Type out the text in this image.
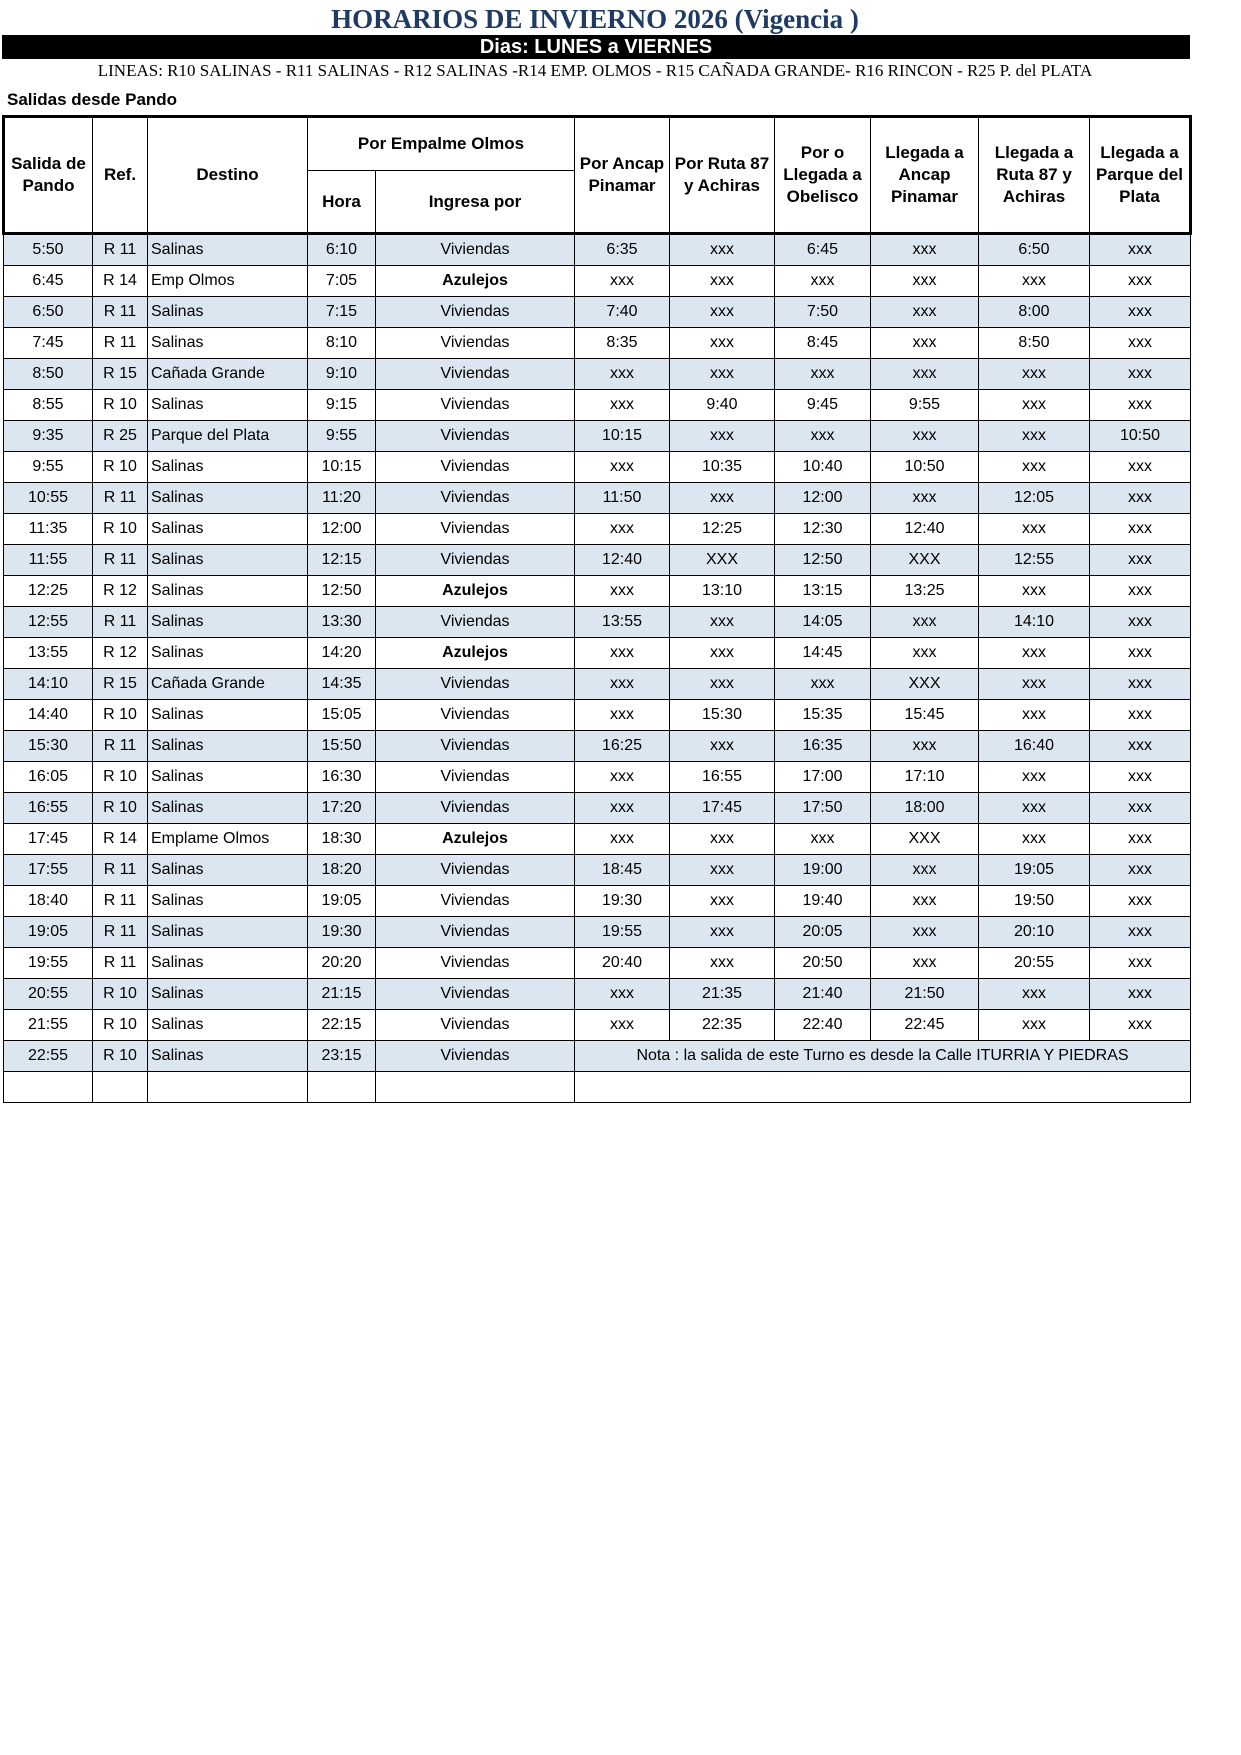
HORARIOS DE INVIERNO 2026 (Vigencia )
Dias: LUNES a VIERNES
LINEAS: R10 SALINAS - R11 SALINAS - R12 SALINAS -R14 EMP. OLMOS - R15 CAÑADA GRANDE- R16 RINCON - R25 P. del PLATA
Salidas desde Pando
Salida de Pando	Ref.	Destino	Por Empalme Olmos		Por Ancap Pinamar	Por Ruta 87 y Achiras	Por o Llegada a Obelisco	Llegada a Ancap Pinamar	Llegada a Ruta 87 y Achiras	Llegada a Parque del Plata
			Hora	Ingresa por						
5:50	R 11	Salinas	6:10	Viviendas	6:35	xxx	6:45	xxx	6:50	xxx
6:45	R 14	Emp Olmos	7:05	Azulejos	xxx	xxx	xxx	xxx	xxx	xxx
6:50	R 11	Salinas	7:15	Viviendas	7:40	xxx	7:50	xxx	8:00	xxx
7:45	R 11	Salinas	8:10	Viviendas	8:35	xxx	8:45	xxx	8:50	xxx
8:50	R 15	Cañada Grande	9:10	Viviendas	xxx	xxx	xxx	xxx	xxx	xxx
8:55	R 10	Salinas	9:15	Viviendas	xxx	9:40	9:45	9:55	xxx	xxx
9:35	R 25	Parque del Plata	9:55	Viviendas	10:15	xxx	xxx	xxx	xxx	10:50
9:55	R 10	Salinas	10:15	Viviendas	xxx	10:35	10:40	10:50	xxx	xxx
10:55	R 11	Salinas	11:20	Viviendas	11:50	xxx	12:00	xxx	12:05	xxx
11:35	R 10	Salinas	12:00	Viviendas	xxx	12:25	12:30	12:40	xxx	xxx
11:55	R 11	Salinas	12:15	Viviendas	12:40	XXX	12:50	XXX	12:55	xxx
12:25	R 12	Salinas	12:50	Azulejos	xxx	13:10	13:15	13:25	xxx	xxx
12:55	R 11	Salinas	13:30	Viviendas	13:55	xxx	14:05	xxx	14:10	xxx
13:55	R 12	Salinas	14:20	Azulejos	xxx	xxx	14:45	xxx	xxx	xxx
14:10	R 15	Cañada Grande	14:35	Viviendas	xxx	xxx	xxx	XXX	xxx	xxx
14:40	R 10	Salinas	15:05	Viviendas	xxx	15:30	15:35	15:45	xxx	xxx
15:30	R 11	Salinas	15:50	Viviendas	16:25	xxx	16:35	xxx	16:40	xxx
16:05	R 10	Salinas	16:30	Viviendas	xxx	16:55	17:00	17:10	xxx	xxx
16:55	R 10	Salinas	17:20	Viviendas	xxx	17:45	17:50	18:00	xxx	xxx
17:45	R 14	Emplame Olmos	18:30	Azulejos	xxx	xxx	xxx	XXX	xxx	xxx
17:55	R 11	Salinas	18:20	Viviendas	18:45	xxx	19:00	xxx	19:05	xxx
18:40	R 11	Salinas	19:05	Viviendas	19:30	xxx	19:40	xxx	19:50	xxx
19:05	R 11	Salinas	19:30	Viviendas	19:55	xxx	20:05	xxx	20:10	xxx
19:55	R 11	Salinas	20:20	Viviendas	20:40	xxx	20:50	xxx	20:55	xxx
20:55	R 10	Salinas	21:15	Viviendas	xxx	21:35	21:40	21:50	xxx	xxx
21:55	R 10	Salinas	22:15	Viviendas	xxx	22:35	22:40	22:45	xxx	xxx
22:55	R 10	Salinas	23:15	Viviendas	Nota : la salida de este Turno es desde la Calle ITURRIA Y PIEDRAS					
